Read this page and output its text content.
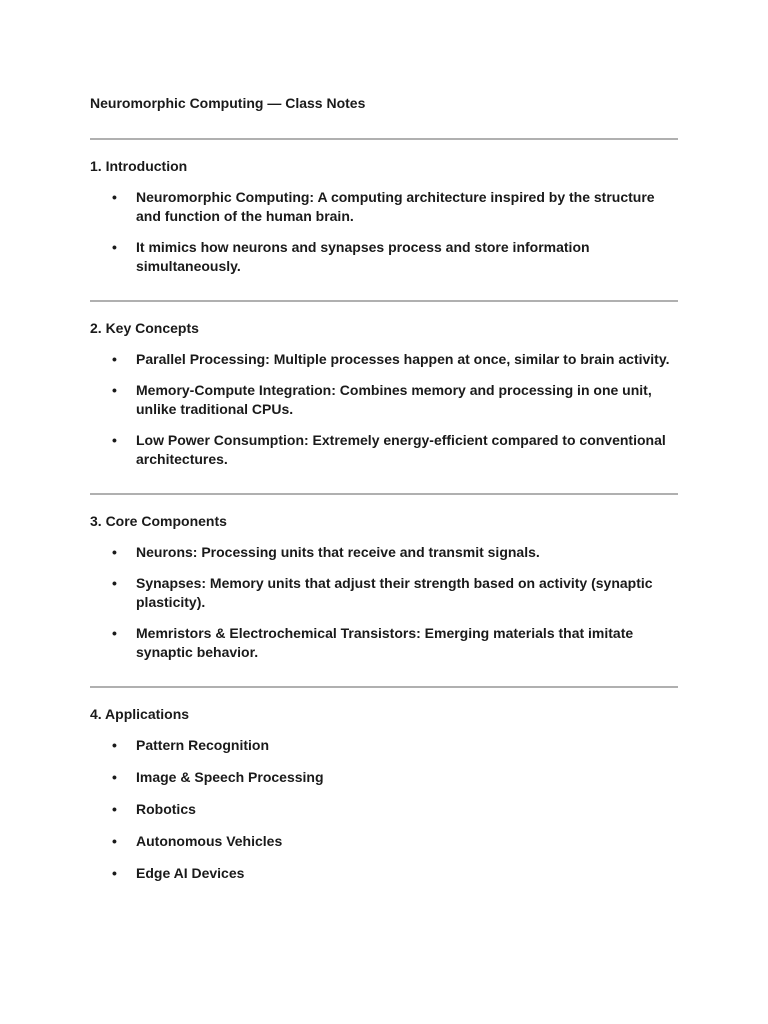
Neuromorphic Computing — Class Notes
1. Introduction
• Neuromorphic Computing: A computing architecture inspired by the structure and function of the human brain.
• It mimics how neurons and synapses process and store information simultaneously.
2. Key Concepts
• Parallel Processing: Multiple processes happen at once, similar to brain activity.
• Memory-Compute Integration: Combines memory and processing in one unit, unlike traditional CPUs.
• Low Power Consumption: Extremely energy-efficient compared to conventional architectures.
3. Core Components
• Neurons: Processing units that receive and transmit signals.
• Synapses: Memory units that adjust their strength based on activity (synaptic plasticity).
• Memristors & Electrochemical Transistors: Emerging materials that imitate synaptic behavior.
4. Applications
• Pattern Recognition
• Image & Speech Processing
• Robotics
• Autonomous Vehicles
• Edge AI Devices
